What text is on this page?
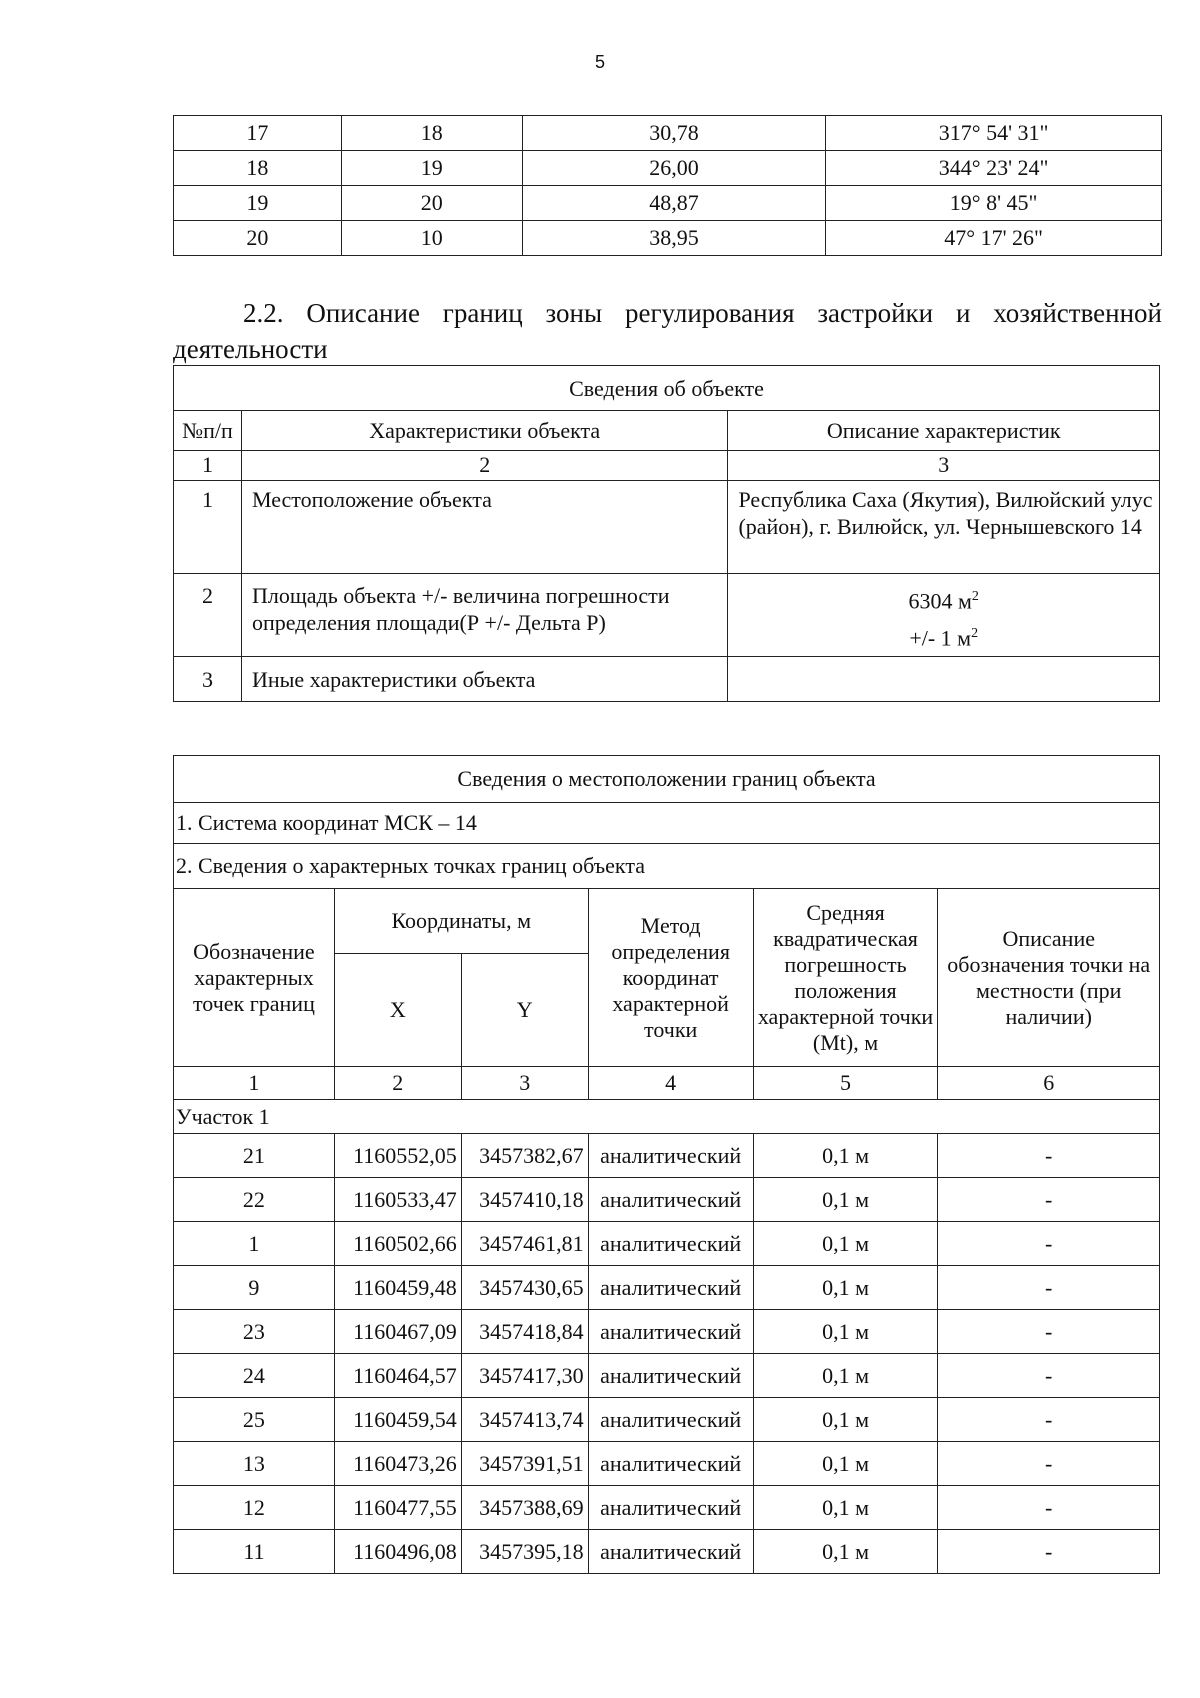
5
17	18	30,78	317° 54' 31"
18	19	26,00	344° 23' 24"
19	20	48,87	19° 8' 45"
20	10	38,95	47° 17' 26"
2.2. Описание границ зоны регулирования застройки и хозяйственной
деятельности
Сведения об объекте		
№п/п	Характеристики объекта	Описание характеристик
1	2	3
1	Местоположение объекта	Республика Саха (Якутия), Вилюйский улус (район), г. Вилюйск, ул. Чернышевского 14
2	Площадь объекта +/- величина погрешности определения площади(Р +/- Дельта Р)	6304 $м^2$
+/- 1 $м^2$
3	Иные характеристики объекта	
Сведения о местоположении границ объекта					
1. Система координат МСК – 14					
2. Сведения о характерных точках границ объекта					
Обозначение характерных точек границ	Координаты, м		Метод определения координат характерной точки	Средняя квадратическая погрешность положения характерной точки (Mt), м	Описание обозначения точки на местности (при наличии)
	X	Y			
1	2	3	4	5	6
Участок 1					
21	1160552,05	3457382,67	аналитический	0,1 м	-
22	1160533,47	3457410,18	аналитический	0,1 м	-
1	1160502,66	3457461,81	аналитический	0,1 м	-
9	1160459,48	3457430,65	аналитический	0,1 м	-
23	1160467,09	3457418,84	аналитический	0,1 м	-
24	1160464,57	3457417,30	аналитический	0,1 м	-
25	1160459,54	3457413,74	аналитический	0,1 м	-
13	1160473,26	3457391,51	аналитический	0,1 м	-
12	1160477,55	3457388,69	аналитический	0,1 м	-
11	1160496,08	3457395,18	аналитический	0,1 м	-
